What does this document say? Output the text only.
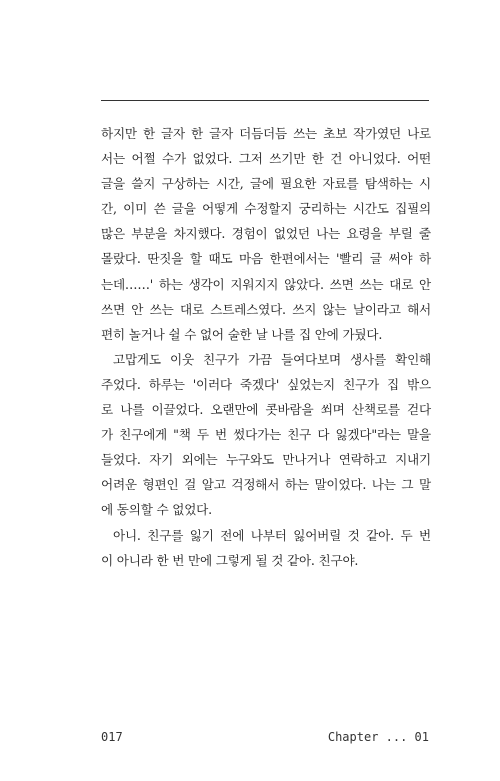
하지만 한 글자 한 글자 더듬더듬 쓰는 초보 작가였던 나로
서는 어쩔 수가 없었다. 그저 쓰기만 한 건 아니었다. 어떤
글을 쓸지 구상하는 시간, 글에 필요한 자료를 탐색하는 시
간, 이미 쓴 글을 어떻게 수정할지 궁리하는 시간도 집필의
많은 부분을 차지했다. 경험이 없었던 나는 요령을 부릴 줄
몰랐다. 딴짓을 할 때도 마음 한편에서는 '빨리 글 써야 하
는데……' 하는 생각이 지워지지 않았다. 쓰면 쓰는 대로 안
쓰면 안 쓰는 대로 스트레스였다. 쓰지 않는 날이라고 해서
편히 놀거나 쉴 수 없어 술한 날 나를 집 안에 가뒀다.
고맙게도 이웃 친구가 가끔 들여다보며 생사를 확인해
주었다. 하루는 '이러다 죽겠다' 싶었는지 친구가 집 밖으
로 나를 이끌었다. 오랜만에 콧바람을 쐬며 산책로를 걷다
가 친구에게 "책 두 번 썼다가는 친구 다 잃겠다"라는 말을
들었다. 자기 외에는 누구와도 만나거나 연락하고 지내기
어려운 형편인 걸 알고 걱정해서 하는 말이었다. 나는 그 말
에 동의할 수 없었다.
아니. 친구를 잃기 전에 나부터 잃어버릴 것 같아. 두 번
이 아니라 한 번 만에 그렇게 될 것 같아. 친구야.
017	Chapter ... 01
